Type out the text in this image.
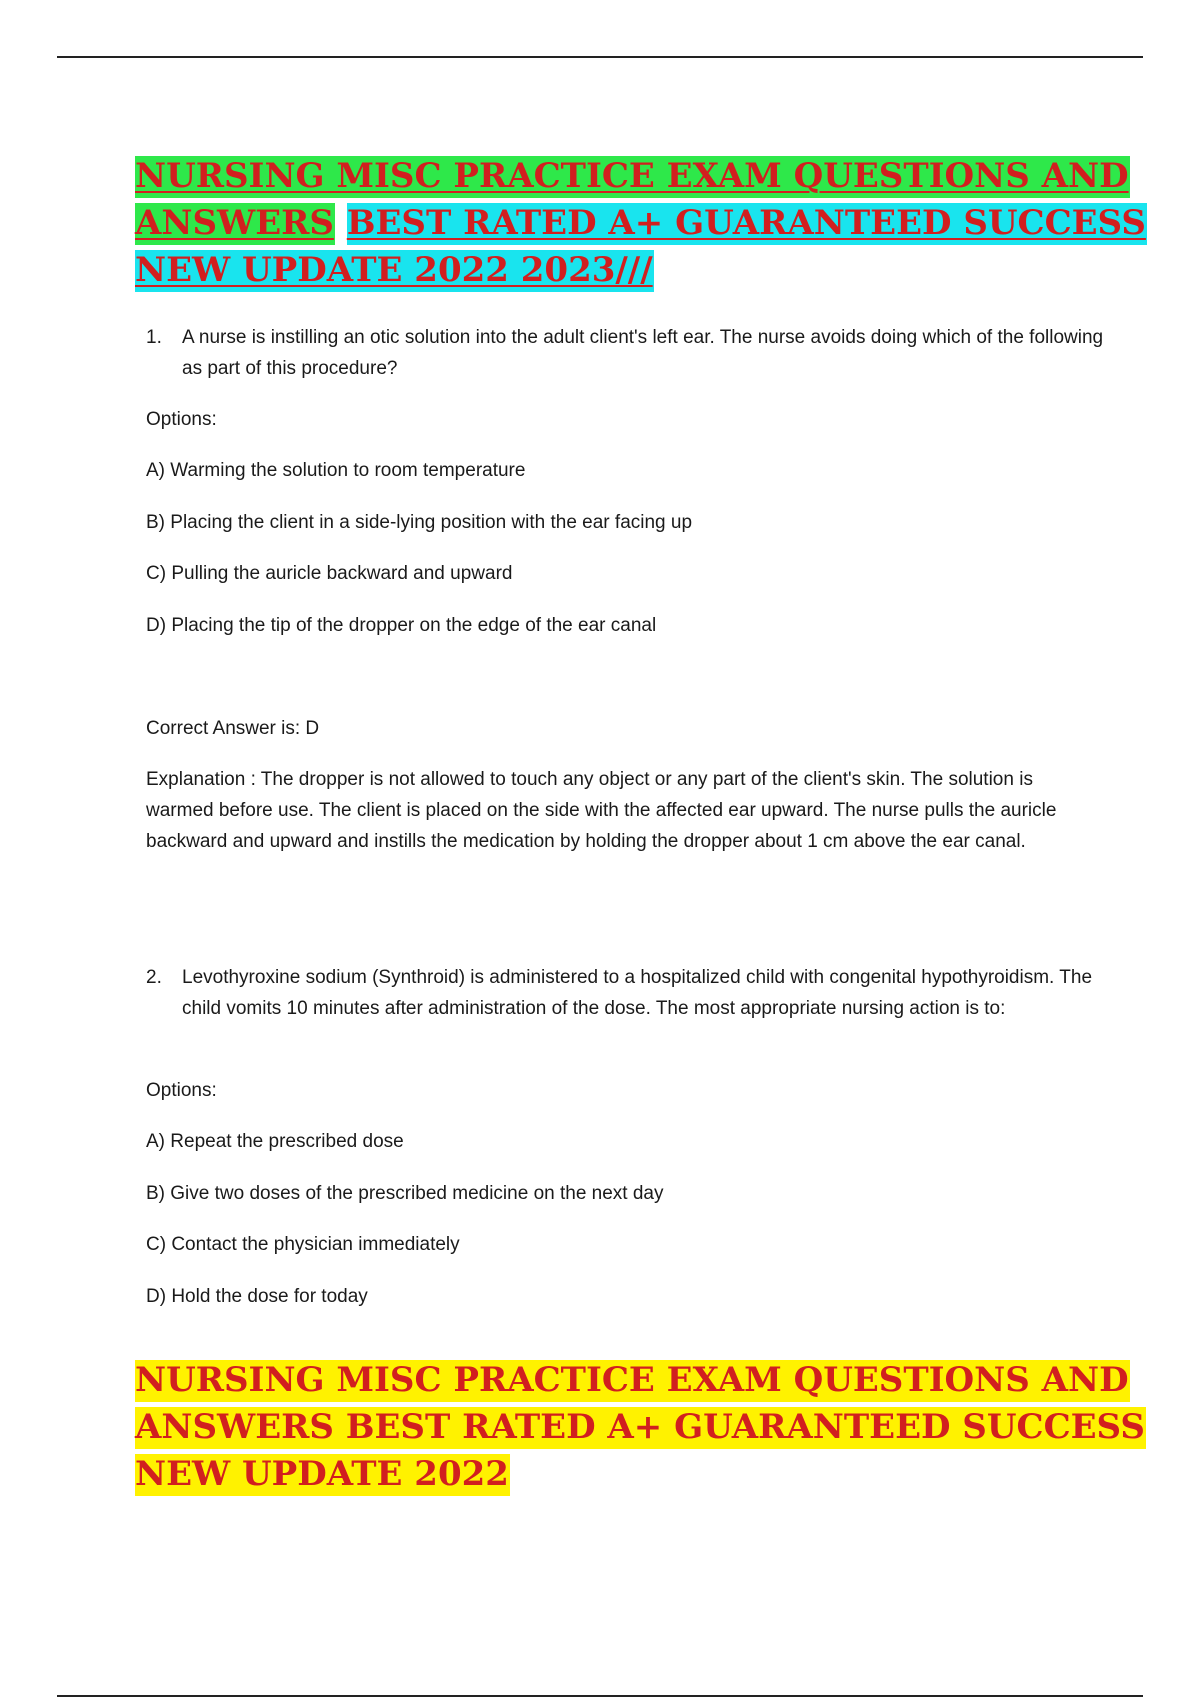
NURSING MISC PRACTICE EXAM QUESTIONS AND
ANSWERS BEST RATED A+ GUARANTEED SUCCESS
NEW UPDATE 2022 2023///
1.	A nurse is instilling an otic solution into the adult client's left ear. The nurse avoids doing which of the following as part of this procedure?

Options:

A) Warming the solution to room temperature

B) Placing the client in a side-lying position with the ear facing up

C) Pulling the auricle backward and upward

D) Placing the tip of the dropper on the edge of the ear canal

Correct Answer is: D

Explanation : The dropper is not allowed to touch any object or any part of the client's skin. The solution is warmed before use. The client is placed on the side with the affected ear upward. The nurse pulls the auricle backward and upward and instills the medication by holding the dropper about 1 cm above the ear canal.

2.	Levothyroxine sodium (Synthroid) is administered to a hospitalized child with congenital hypothyroidism. The child vomits 10 minutes after administration of the dose. The most appropriate nursing action is to:

Options:

A) Repeat the prescribed dose

B) Give two doses of the prescribed medicine on the next day

C) Contact the physician immediately

D) Hold the dose for today

NURSING MISC PRACTICE EXAM QUESTIONS AND
ANSWERS BEST RATED A+ GUARANTEED SUCCESS
NEW UPDATE 2022
